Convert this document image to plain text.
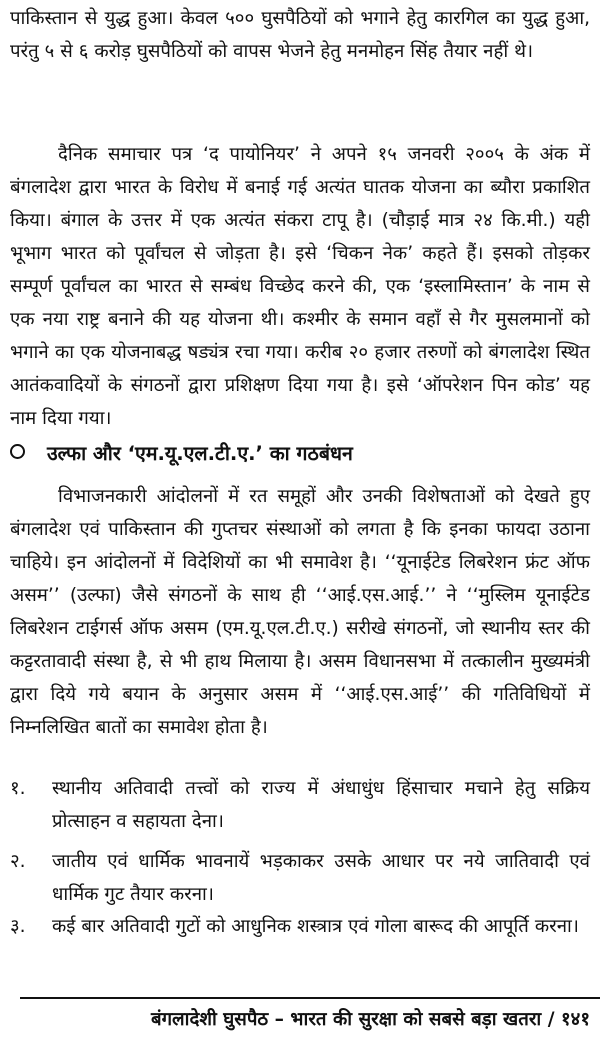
पाकिस्तान से युद्ध हुआ। केवल ५०० घुसपैठियों को भगाने हेतु कारगिल का युद्ध हुआ, परंतु ५ से ६ करोड़ घुसपैठियों को वापस भेजने हेतु मनमोहन सिंह तैयार नहीं थे।

दैनिक समाचार पत्र ‘द पायोनियर’ ने अपने १५ जनवरी २००५ के अंक में बंगलादेश द्वारा भारत के विरोध में बनाई गई अत्यंत घातक योजना का ब्यौरा प्रकाशित किया। बंगाल के उत्तर में एक अत्यंत संकरा टापू है। (चौड़ाई मात्र २४ कि.मी.) यही भूभाग भारत को पूर्वांचल से जोड़ता है। इसे ‘चिकन नेक’ कहते हैं। इसको तोड़कर सम्पूर्ण पूर्वांचल का भारत से सम्बंध विच्छेद करने की, एक ‘इस्लामिस्तान’ के नाम से एक नया राष्ट्र बनाने की यह योजना थी। कश्मीर के समान वहाँ से गैर मुसलमानों को भगाने का एक योजनाबद्ध षड्यंत्र रचा गया। करीब २० हजार तरुणों को बंगलादेश स्थित आतंकवादियों के संगठनों द्वारा प्रशिक्षण दिया गया है। इसे ‘ऑपरेशन पिन कोड’ यह नाम दिया गया।

उल्फा और ‘एम.यू.एल.टी.ए.’ का गठबंधन

विभाजनकारी आंदोलनों में रत समूहों और उनकी विशेषताओं को देखते हुए बंगलादेश एवं पाकिस्तान की गुप्तचर संस्थाओं को लगता है कि इनका फायदा उठाना चाहिये। इन आंदोलनों में विदेशियों का भी समावेश है। ‘‘यूनाईटेड लिबरेशन फ्रंट ऑफ असम’’ (उल्फा) जैसे संगठनों के साथ ही ‘‘आई.एस.आई.’’ ने ‘‘मुस्लिम यूनाईटेड लिबरेशन टाईगर्स ऑफ असम (एम.यू.एल.टी.ए.) सरीखे संगठनों, जो स्थानीय स्तर की कट्टरतावादी संस्था है, से भी हाथ मिलाया है। असम विधानसभा में तत्कालीन मुख्यमंत्री द्वारा दिये गये बयान के अनुसार असम में ‘‘आई.एस.आई’’ की गतिविधियों में निम्नलिखित बातों का समावेश होता है।

१.	स्थानीय अतिवादी तत्त्वों को राज्य में अंधाधुंध हिंसाचार मचाने हेतु सक्रिय प्रोत्साहन व सहायता देना।
२.	जातीय एवं धार्मिक भावनायें भड़काकर उसके आधार पर नये जातिवादी एवं धार्मिक गुट तैयार करना।
३.	कई बार अतिवादी गुटों को आधुनिक शस्त्रात्र एवं गोला बारूद की आपूर्ति करना।
बंगलादेशी घुसपैठ – भारत की सुरक्षा को सबसे बड़ा खतरा / १४१
